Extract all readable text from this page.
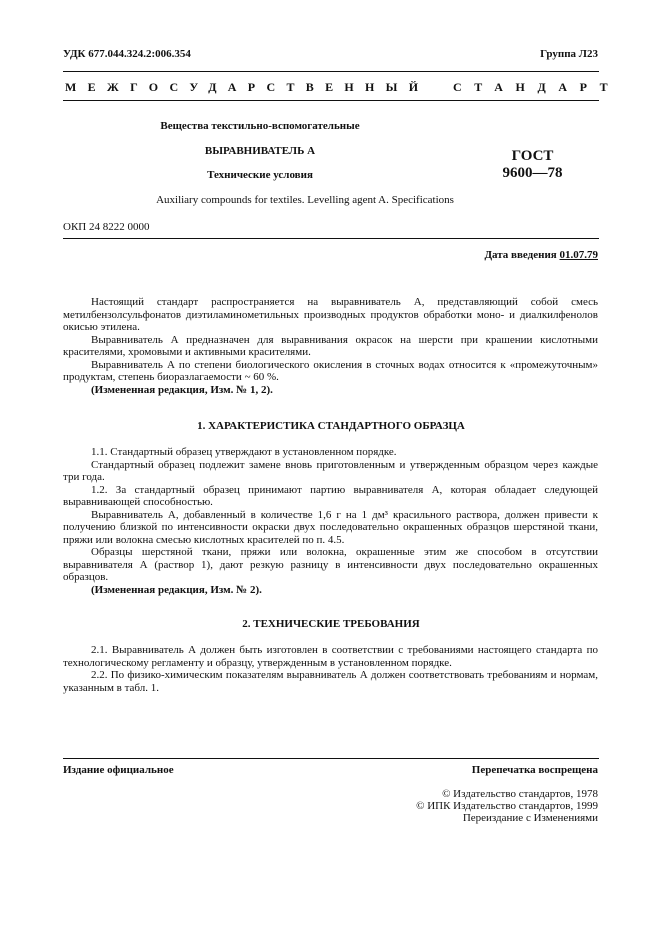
УДК 677.044.324.2:006.354	Группа Л23
МЕЖГОСУДАРСТВЕННЫЙ СТАНДАРТ
Вещества текстильно-вспомогательные
ВЫРАВНИВАТЕЛЬ А
Технические условия
Auxiliary compounds for textiles. Levelling agent A. Specifications
ГОСТ
9600—78
ОКП 24 8222 0000
Дата введения 01.07.79

Настоящий стандарт распространяется на выравниватель А, представляющий собой смесь метилбензолсульфонатов диэтиламинометильных производных продуктов обработки моно- и диалкилфенолов окисью этилена.

Выравниватель А предназначен для выравнивания окрасок на шерсти при крашении кислотными красителями, хромовыми и активными красителями.

Выравниватель А по степени биологического окисления в сточных водах относится к «промежуточным» продуктам, степень биоразлагаемости ~ 60 %.

(Измененная редакция, Изм. № 1, 2).

1. ХАРАКТЕРИСТИКА СТАНДАРТНОГО ОБРАЗЦА

1.1. Стандартный образец утверждают в установленном порядке.

Стандартный образец подлежит замене вновь приготовленным и утвержденным образцом через каждые три года.

1.2. За стандартный образец принимают партию выравнивателя А, которая обладает следующей выравнивающей способностью.

Выравниватель А, добавленный в количестве 1,6 г на 1 дм³ красильного раствора, должен привести к получению близкой по интенсивности окраски двух последовательно окрашенных образцов шерстяной ткани, пряжи или волокна смесью кислотных красителей по п. 4.5.

Образцы шерстяной ткани, пряжи или волокна, окрашенные этим же способом в отсутствии выравнивателя А (раствор 1), дают резкую разницу в интенсивности двух последовательно окрашенных образцов.

(Измененная редакция, Изм. № 2).

2. ТЕХНИЧЕСКИЕ ТРЕБОВАНИЯ

2.1. Выравниватель А должен быть изготовлен в соответствии с требованиями настоящего стандарта по технологическому регламенту и образцу, утвержденным в установленном порядке.

2.2. По физико-химическим показателям выравниватель А должен соответствовать требованиям и нормам, указанным в табл. 1.

Издание официальное	Перепечатка воспрещена
© Издательство стандартов, 1978
© ИПК Издательство стандартов, 1999
Переиздание с Изменениями
